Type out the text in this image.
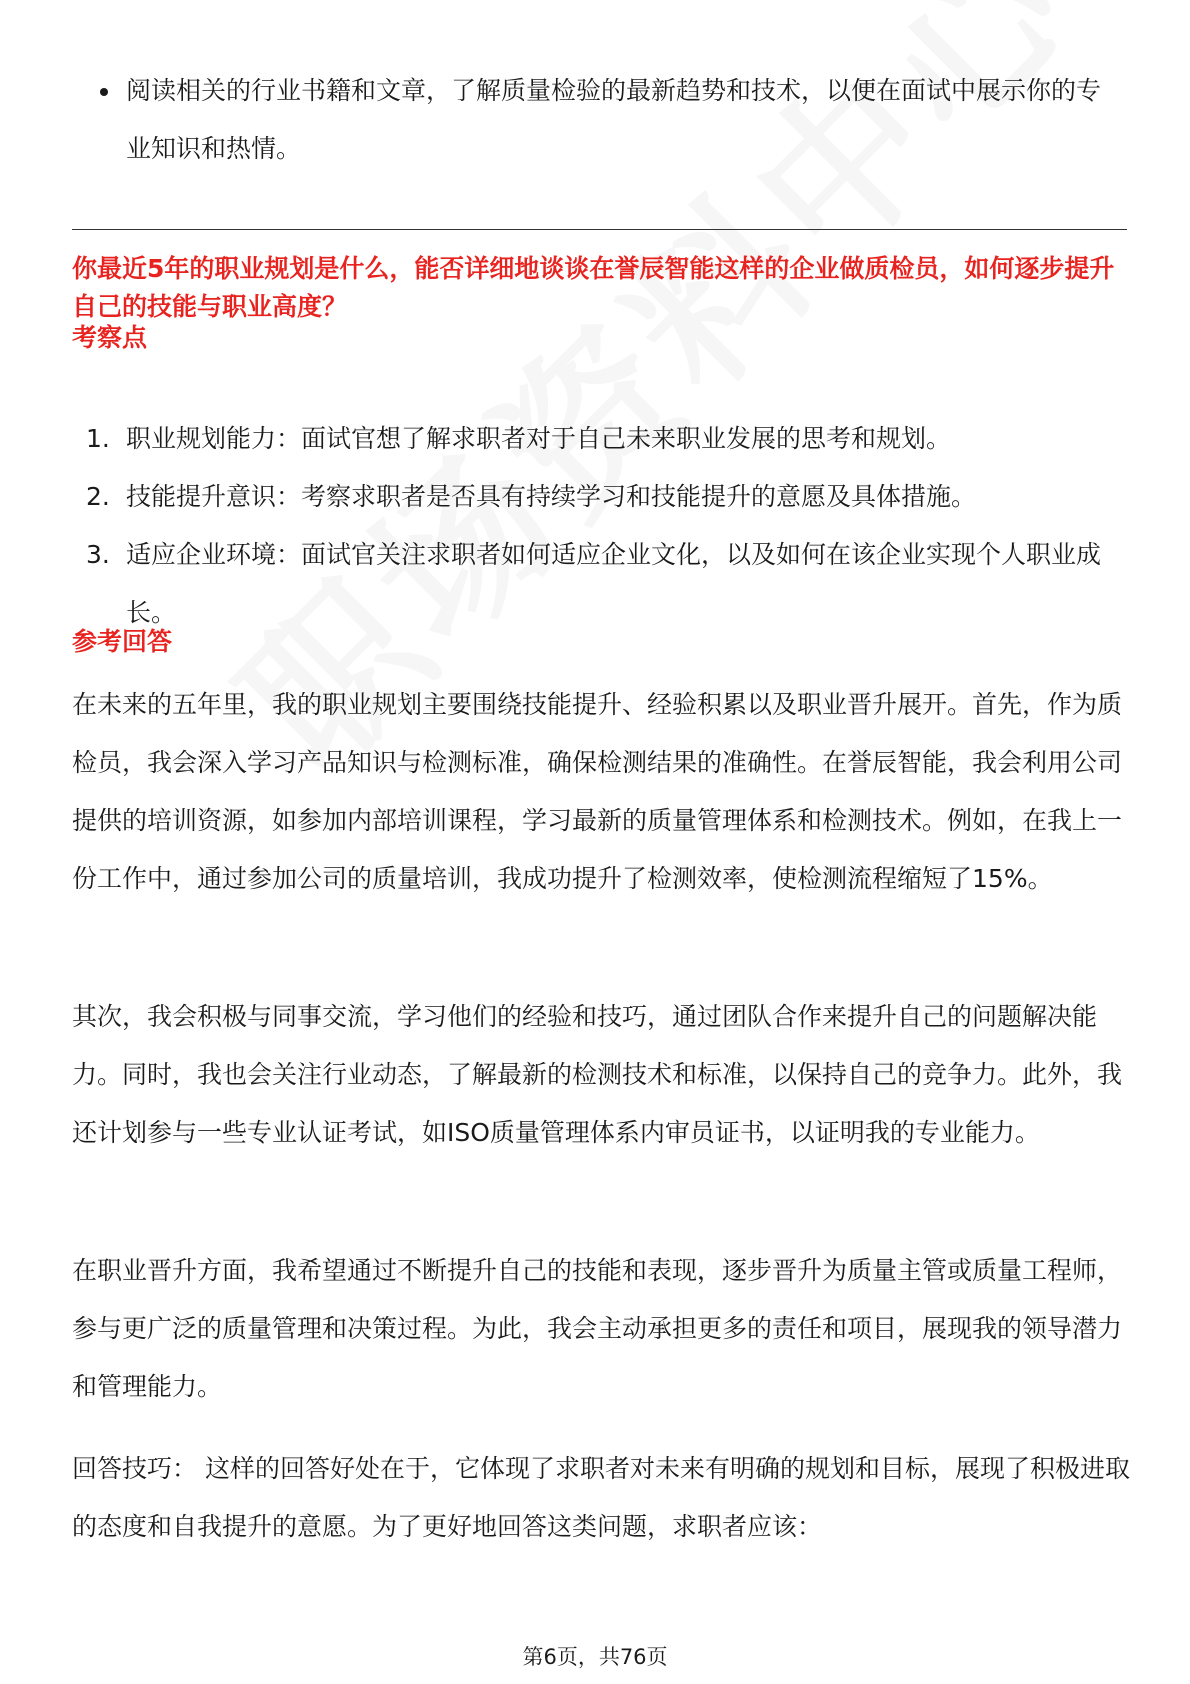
阅读相关的行业书籍和文章，了解质量检验的最新趋势和技术，以便在面试中展示你的专业知识和热情。
你最近5年的职业规划是什么，能否详细地谈谈在誉辰智能这样的企业做质检员，如何逐步提升自己的技能与职业高度？
考察点
1. 职业规划能力：面试官想了解求职者对于自己未来职业发展的思考和规划。
2. 技能提升意识：考察求职者是否具有持续学习和技能提升的意愿及具体措施。
3. 适应企业环境：面试官关注求职者如何适应企业文化，以及如何在该企业实现个人职业成长。
参考回答

在未来的五年里，我的职业规划主要围绕技能提升、经验积累以及职业晋升展开。首先，作为质检员，我会深入学习产品知识与检测标准，确保检测结果的准确性。在誉辰智能，我会利用公司提供的培训资源，如参加内部培训课程，学习最新的质量管理体系和检测技术。例如，在我上一份工作中，通过参加公司的质量培训，我成功提升了检测效率，使检测流程缩短了15%。

其次，我会积极与同事交流，学习他们的经验和技巧，通过团队合作来提升自己的问题解决能力。同时，我也会关注行业动态，了解最新的检测技术和标准，以保持自己的竞争力。此外，我还计划参与一些专业认证考试，如ISO质量管理体系内审员证书，以证明我的专业能力。

在职业晋升方面，我希望通过不断提升自己的技能和表现，逐步晋升为质量主管或质量工程师，参与更广泛的质量管理和决策过程。为此，我会主动承担更多的责任和项目，展现我的领导潜力和管理能力。

回答技巧： 这样的回答好处在于，它体现了求职者对未来有明确的规划和目标，展现了积极进取的态度和自我提升的意愿。为了更好地回答这类问题，求职者应该：

第6页，共76页
